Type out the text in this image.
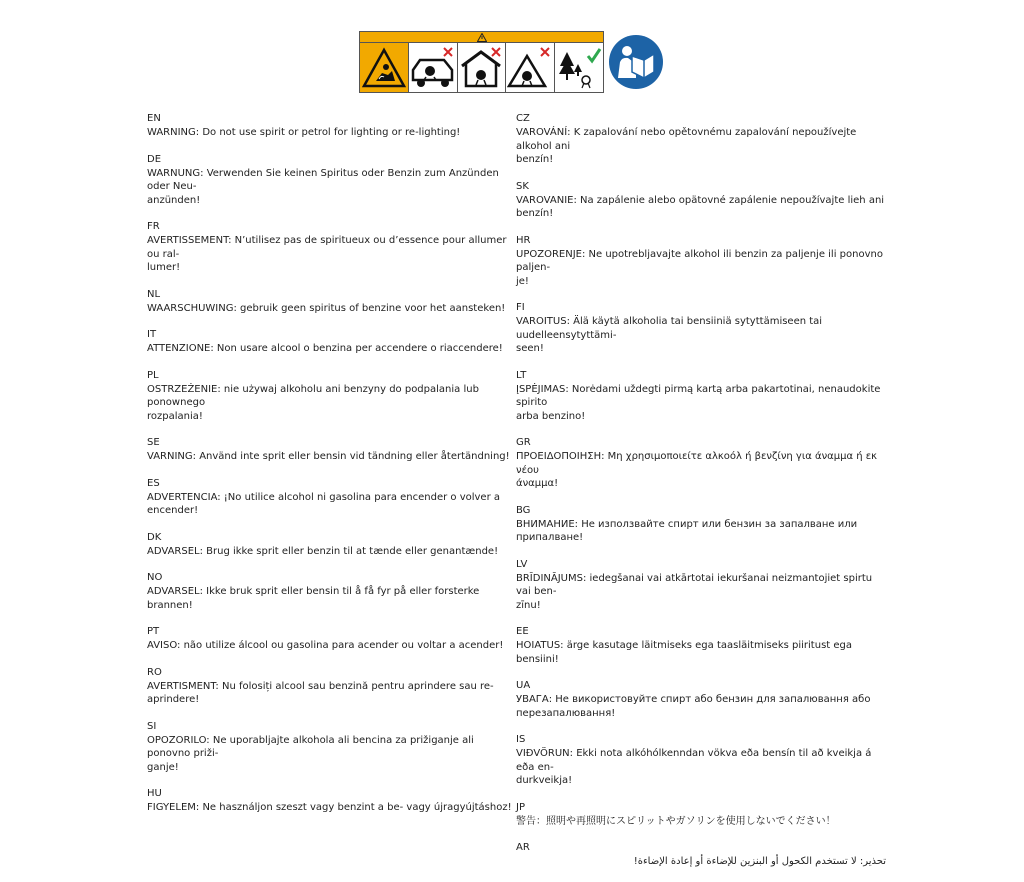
EN
WARNING: Do not use spirit or petrol for lighting or re-lighting!
DE
WARNUNG: Verwenden Sie keinen Spiritus oder Benzin zum Anzünden oder Neu-
anzünden!
FR
AVERTISSEMENT: N’utilisez pas de spiritueux ou d’essence pour allumer ou ral-
lumer!
NL
WAARSCHUWING: gebruik geen spiritus of benzine voor het aansteken!
IT
ATTENZIONE: Non usare alcool o benzina per accendere o riaccendere!
PL
OSTRZEŻENIE: nie używaj alkoholu ani benzyny do podpalania lub ponownego
rozpalania!
SE
VARNING: Använd inte sprit eller bensin vid tändning eller återtändning!
ES
ADVERTENCIA: ¡No utilice alcohol ni gasolina para encender o volver a encender!
DK
ADVARSEL: Brug ikke sprit eller benzin til at tænde eller genantænde!
NO
ADVARSEL: Ikke bruk sprit eller bensin til å få fyr på eller forsterke brannen!
PT
AVISO: não utilize álcool ou gasolina para acender ou voltar a acender!
RO
AVERTISMENT: Nu folosiți alcool sau benzină pentru aprindere sau re-aprindere!
SI
OPOZORILO: Ne uporabljajte alkohola ali bencina za prižiganje ali ponovno priži-
ganje!
HU
FIGYELEM: Ne használjon szeszt vagy benzint a be- vagy újragyújtáshoz!
CZ
VAROVÁNÍ: K zapalování nebo opětovnému zapalování nepoužívejte alkohol ani
benzín!
SK
VAROVANIE: Na zapálenie alebo opätovné zapálenie nepoužívajte lieh ani benzín!
HR
UPOZORENJE: Ne upotrebljavajte alkohol ili benzin za paljenje ili ponovno paljen-
je!
FI
VAROITUS: Älä käytä alkoholia tai bensiiniä sytyttämiseen tai uudelleensytyttämi-
seen!
LT
ĮSPĖJIMAS: Norėdami uždegti pirmą kartą arba pakartotinai, nenaudokite spirito
arba benzino!
GR
ΠΡΟΕΙΔΟΠΟΙΗΣΗ: Μη χρησιμοποιείτε αλκοόλ ή βενζίνη για άναμμα ή εκ νέου
άναμμα!
BG
ВНИМАНИЕ: Не използвайте спирт или бензин за запалване или
припалване!
LV
BRĪDINĀJUMS: iedegšanai vai atkārtotai iekuršanai neizmantojiet spirtu vai ben-
zīnu!
EE
HOIATUS: ärge kasutage läitmiseks ega taasläitmiseks piiritust ega bensiini!
UA
УВАГА: Не використовуйте спирт або бензин для запалювання або
перезапалювання!
IS
VIÐVÖRUN: Ekki nota alkóhólkenndan vökva eða bensín til að kveikja á eða en-
durkveikja!
JP
警告：照明や再照明にスピリットやガソリンを使用しないでください！
AR
تحذير: لا تستخدم الكحول أو البنزين للإضاءة أو إعادة الإضاءة!
